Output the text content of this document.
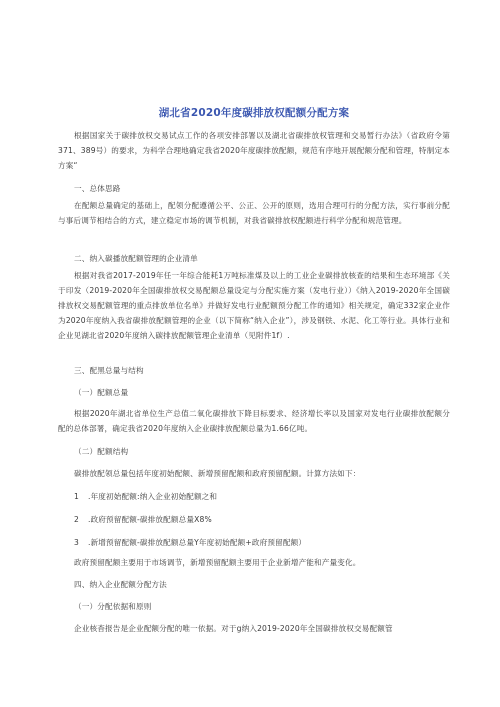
湖北省2020年度碳排放权配额分配方案

根据国家关于碳排放权交易试点工作的各项安排部署以及湖北省碳排放权管理和交易暂行办法》（省政府令第371、389号）的要求，为科学合理地确定我省2020年度碳排放配额，规范有序地开展配额分配和管理，特制定本方案“

一、总体思路

在配额总量确定的基础上，配领分配遵循公平、公正、公开的原则，选用合理可行的分配方法，实行事前分配与事后调节相结合的方式，建立稳定市场的调节机制，对我省碳排放权配额进行科学分配和规范管理。

二、纳入碳播放配额管理的企业清单

根据对我省2017-2019年任一年综合能耗1万吨标准煤及以上的工业企业碳排放核查的结果和生态环境部《关于印发（2019-2020年全国碳排放权交易配额总量设定与分配实施方案（发电行业））《纳入2019-2020年全国碳排放权交易配额管理的重点排放单位名单》并做好发电行业配额预分配工作的通知》相关规定，确定332家企业作为2020年度纳入我省碳排放配额管理的企业（以下简称“纳入企业”），涉及钢铁、水泥、化工等行业。具体行业和企业见湖北省2020年度纳入碳排放配额管理企业清单（见附件1f）.

三、配黑总量与结构

（一）配额总量

根据2020年湖北省单位生产总值二氧化碳排放下降目标要求、经济增长率以及国家对发电行业碳排放配额分配的总体部署，确定我省2020年度纳入企业碳排放配额总量为1.66亿吨。

（二）配额结构

碳排放配领总量包括年度初始配额、新增预留配额和政府预留配额。计算方法如下：

1 .年度初始配额:纳入企业初始配额之和

2 .政府预留配额-碳排放配额总量X8%

3 .新增预留配额-碳排放配额总量Y年度初始配额+政府预留配额）

政府预留配额主要用于市场调节，新增预留配额主要用于企业新增产能和产量变化。

四、纳入企业配额分配方法

（一）分配依据和原则

企业核杳报告是企业配额分配的唯一依据。对于g纳入2019-2020年全国碳排放权交易配额管
